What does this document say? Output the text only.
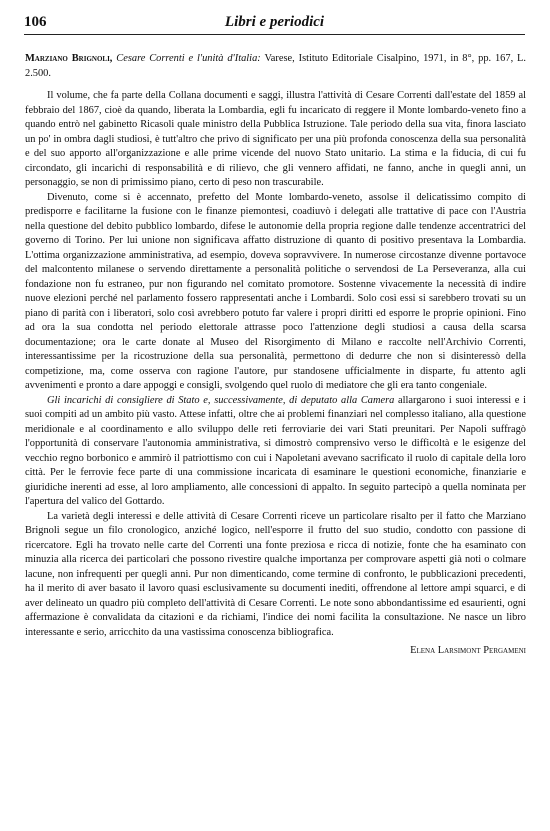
106	Libri e periodici

Marziano Brignoli, Cesare Correnti e l'unità d'Italia: Varese, Istituto Editoriale Cisalpino, 1971, in 8°, pp. 167, L. 2.500.

Il volume, che fa parte della Collana documenti e saggi, illustra l'attività di Cesare Correnti dall'estate del 1859 al febbraio del 1867, cioè da quando, liberata la Lombardia, egli fu incaricato di reggere il Monte lombardo-veneto fino a quando entrò nel gabinetto Ricasoli quale ministro della Pubblica Istruzione. Tale periodo della sua vita, finora lasciato un po' in ombra dagli studiosi, è tutt'altro che privo di significato per una più profonda conoscenza della sua personalità e del suo apporto all'organizzazione e alle prime vicende del nuovo Stato unitario. La stima e la fiducia, di cui fu circondato, gli incarichi di responsabilità e di rilievo, che gli vennero affidati, ne fanno, anche in quegli anni, un personaggio, se non di primissimo piano, certo di peso non trascurabile.

Divenuto, come si è accennato, prefetto del Monte lombardo-veneto, assolse il delicatissimo compito di predisporre e facilitarne la fusione con le finanze piemontesi, coadiuvò i delegati alle trattative di pace con l'Austria nella questione del debito pubblico lombardo, difese le autonomie della propria regione dalle tendenze accentratrici del governo di Torino. Per lui unione non significava affatto distruzione di quanto di positivo presentava la Lombardia. L'ottima organizzazione amministrativa, ad esempio, doveva sopravvivere. In numerose circostanze divenne portavoce del malcontento milanese o servendo direttamente a personalità politiche o servendosi de La Perseveranza, alla cui fondazione non fu estraneo, pur non figurando nel comitato promotore. Sostenne vivacemente la necessità di indire nuove elezioni perché nel parlamento fossero rappresentati anche i Lombardi. Solo così essi si sarebbero trovati su un piano di parità con i liberatori, solo così avrebbero potuto far valere i propri diritti ed esporre le proprie opinioni. Fino ad ora la sua condotta nel periodo elettorale attrasse poco l'attenzione degli studiosi a causa della scarsa documentazione; ora le carte donate al Museo del Risorgimento di Milano e raccolte nell'Archivio Correnti, interessantissime per la ricostruzione della sua personalità, permettono di dedurre che non si disinteressò della competizione, ma, come osserva con ragione l'autore, pur standosene ufficialmente in disparte, fu attento agli avvenimenti e pronto a dare appoggi e consigli, svolgendo quel ruolo di mediatore che gli era tanto congeniale.

Gli incarichi di consigliere di Stato e, successivamente, di deputato alla Camera allargarono i suoi interessi e i suoi compiti ad un ambito più vasto. Attese infatti, oltre che ai problemi finanziari nel complesso italiano, alla questione meridionale e al coordinamento e allo sviluppo delle reti ferroviarie dei vari Stati preunitari. Per Napoli suffragò l'opportunità di conservare l'autonomia amministrativa, si dimostrò comprensivo verso le difficoltà e le esigenze del vecchio regno borbonico e ammirò il patriottismo con cui i Napoletani avevano sacrificato il ruolo di capitale della loro città. Per le ferrovie fece parte di una commissione incaricata di esaminare le questioni economiche, finanziarie e giuridiche inerenti ad esse, al loro ampliamento, alle concessioni di appalto. In seguito partecipò a quella nominata per l'apertura del valico del Gottardo.

La varietà degli interessi e delle attività di Cesare Correnti riceve un particolare risalto per il fatto che Marziano Brignoli segue un filo cronologico, anziché logico, nell'esporre il frutto del suo studio, condotto con passione di ricercatore. Egli ha trovato nelle carte del Correnti una fonte preziosa e ricca di notizie, fonte che ha esaminato con minuzia alla ricerca dei particolari che possono rivestire qualche importanza per comprovare aspetti già noti o colmare lacune, non infrequenti per quegli anni. Pur non dimenticando, come termine di confronto, le pubblicazioni precedenti, ha il merito di aver basato il lavoro quasi esclusivamente su documenti inediti, offrendone al lettore ampi squarci, e di aver delineato un quadro più completo dell'attività di Cesare Correnti. Le note sono abbondantissime ed esaurienti, ogni affermazione è convalidata da citazioni e da richiami, l'indice dei nomi facilita la consultazione. Ne nasce un libro interessante e serio, arricchito da una vastissima conoscenza bibliografica.

Elena Larsimont Pergameni
